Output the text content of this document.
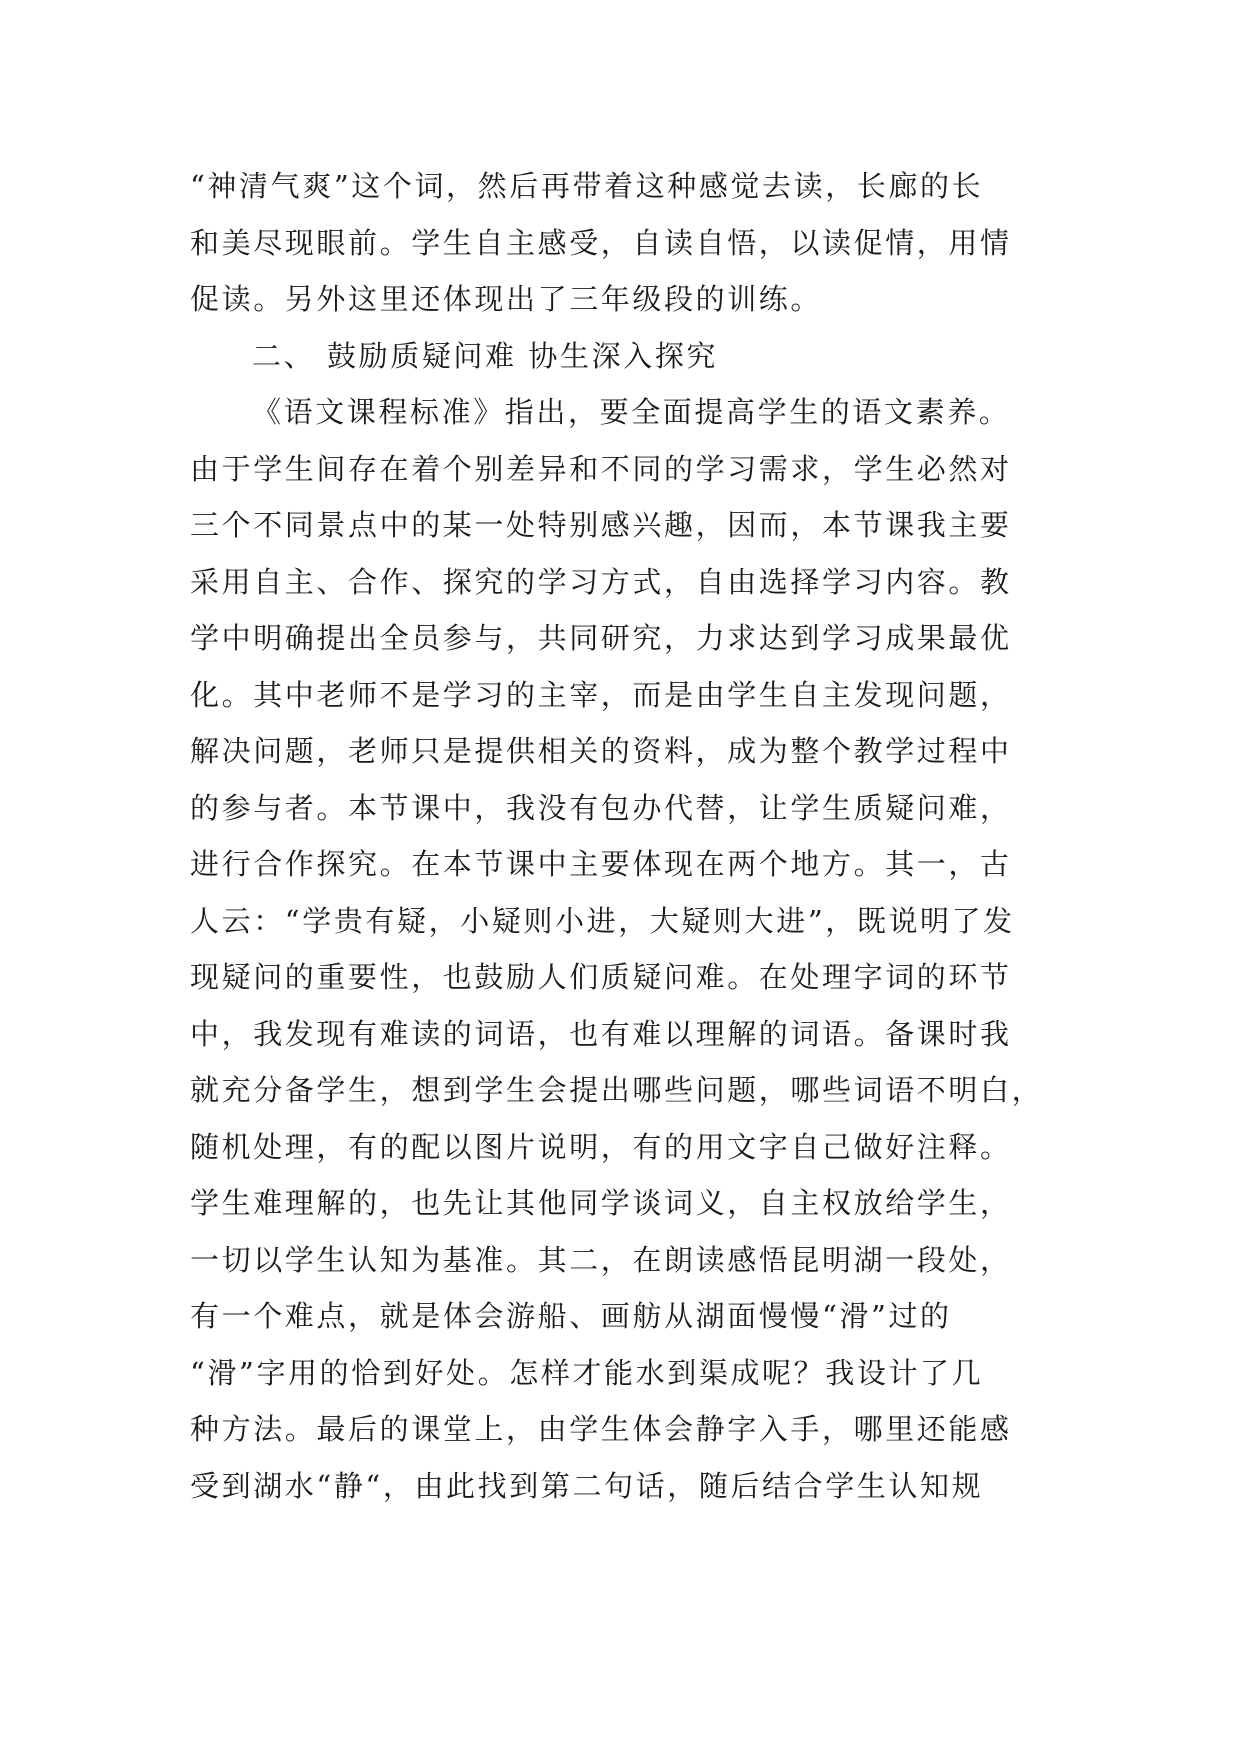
“神清气爽”这个词，然后再带着这种感觉去读，长廊的长
和美尽现眼前。学生自主感受，自读自悟，以读促情，用情
促读。另外这里还体现出了三年级段的训练。
二、 鼓励质疑问难 协生深入探究
《语文课程标准》指出，要全面提高学生的语文素养。
由于学生间存在着个别差异和不同的学习需求，学生必然对
三个不同景点中的某一处特别感兴趣，因而，本节课我主要
采用自主、合作、探究的学习方式，自由选择学习内容。教
学中明确提出全员参与，共同研究，力求达到学习成果最优
化。其中老师不是学习的主宰，而是由学生自主发现问题，
解决问题，老师只是提供相关的资料，成为整个教学过程中
的参与者。本节课中，我没有包办代替，让学生质疑问难，
进行合作探究。在本节课中主要体现在两个地方。其一，古
人云：“学贵有疑，小疑则小进，大疑则大进”，既说明了发
现疑问的重要性，也鼓励人们质疑问难。在处理字词的环节
中，我发现有难读的词语，也有难以理解的词语。备课时我
就充分备学生，想到学生会提出哪些问题，哪些词语不明白，
随机处理，有的配以图片说明，有的用文字自己做好注释。
学生难理解的，也先让其他同学谈词义，自主权放给学生，
一切以学生认知为基准。其二，在朗读感悟昆明湖一段处，
有一个难点，就是体会游船、画舫从湖面慢慢“滑”过的
“滑”字用的恰到好处。怎样才能水到渠成呢？我设计了几
种方法。最后的课堂上，由学生体会静字入手，哪里还能感
受到湖水“静“，由此找到第二句话，随后结合学生认知规
